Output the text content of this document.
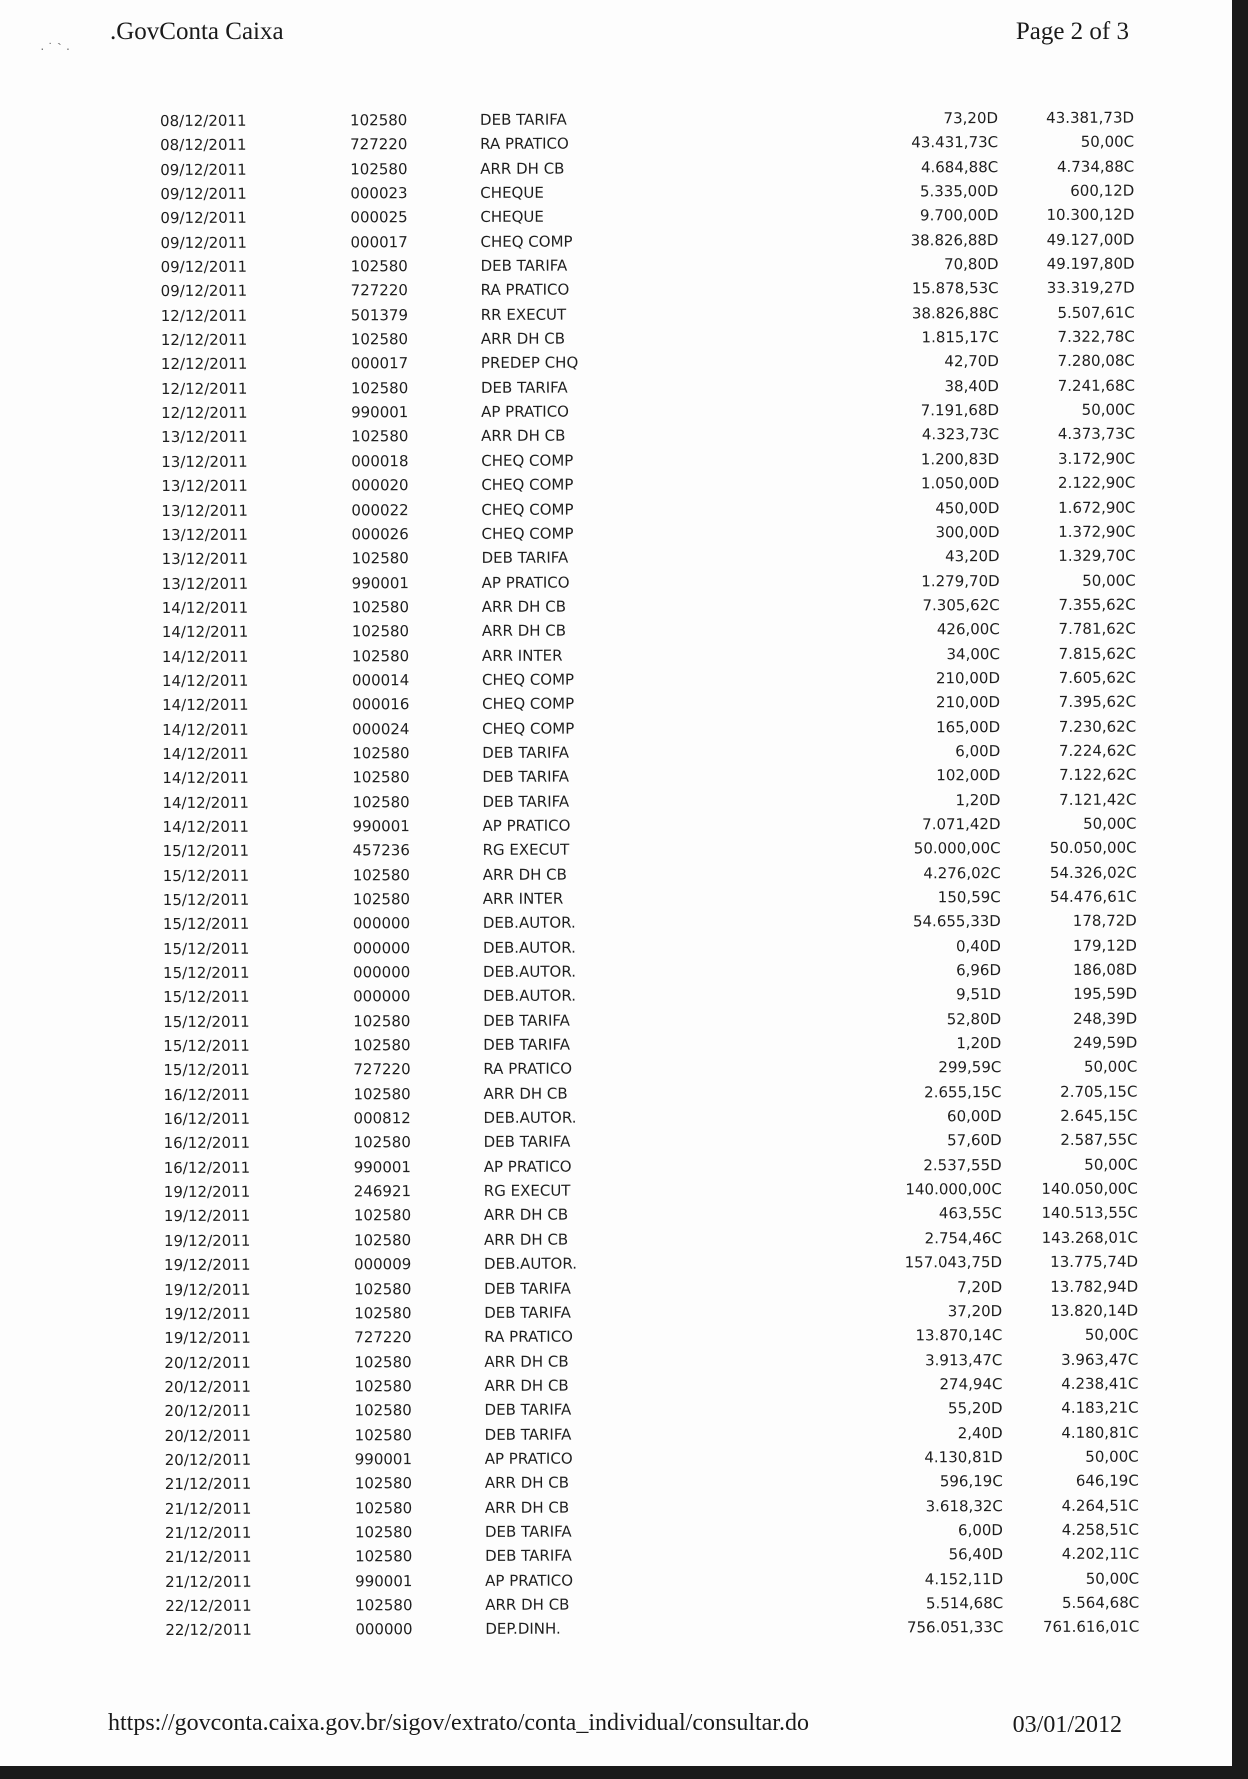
.GovConta Caixa	Page 2 of 3
· ˙ ` ·
08/12/2011	102580	DEB TARIFA	73,20D	43.381,73D
08/12/2011	727220	RA PRATICO	43.431,73C	50,00C
09/12/2011	102580	ARR DH CB	4.684,88C	4.734,88C
09/12/2011	000023	CHEQUE	5.335,00D	600,12D
09/12/2011	000025	CHEQUE	9.700,00D	10.300,12D
09/12/2011	000017	CHEQ COMP	38.826,88D	49.127,00D
09/12/2011	102580	DEB TARIFA	70,80D	49.197,80D
09/12/2011	727220	RA PRATICO	15.878,53C	33.319,27D
12/12/2011	501379	RR EXECUT	38.826,88C	5.507,61C
12/12/2011	102580	ARR DH CB	1.815,17C	7.322,78C
12/12/2011	000017	PREDEP CHQ	42,70D	7.280,08C
12/12/2011	102580	DEB TARIFA	38,40D	7.241,68C
12/12/2011	990001	AP PRATICO	7.191,68D	50,00C
13/12/2011	102580	ARR DH CB	4.323,73C	4.373,73C
13/12/2011	000018	CHEQ COMP	1.200,83D	3.172,90C
13/12/2011	000020	CHEQ COMP	1.050,00D	2.122,90C
13/12/2011	000022	CHEQ COMP	450,00D	1.672,90C
13/12/2011	000026	CHEQ COMP	300,00D	1.372,90C
13/12/2011	102580	DEB TARIFA	43,20D	1.329,70C
13/12/2011	990001	AP PRATICO	1.279,70D	50,00C
14/12/2011	102580	ARR DH CB	7.305,62C	7.355,62C
14/12/2011	102580	ARR DH CB	426,00C	7.781,62C
14/12/2011	102580	ARR INTER	34,00C	7.815,62C
14/12/2011	000014	CHEQ COMP	210,00D	7.605,62C
14/12/2011	000016	CHEQ COMP	210,00D	7.395,62C
14/12/2011	000024	CHEQ COMP	165,00D	7.230,62C
14/12/2011	102580	DEB TARIFA	6,00D	7.224,62C
14/12/2011	102580	DEB TARIFA	102,00D	7.122,62C
14/12/2011	102580	DEB TARIFA	1,20D	7.121,42C
14/12/2011	990001	AP PRATICO	7.071,42D	50,00C
15/12/2011	457236	RG EXECUT	50.000,00C	50.050,00C
15/12/2011	102580	ARR DH CB	4.276,02C	54.326,02C
15/12/2011	102580	ARR INTER	150,59C	54.476,61C
15/12/2011	000000	DEB.AUTOR.	54.655,33D	178,72D
15/12/2011	000000	DEB.AUTOR.	0,40D	179,12D
15/12/2011	000000	DEB.AUTOR.	6,96D	186,08D
15/12/2011	000000	DEB.AUTOR.	9,51D	195,59D
15/12/2011	102580	DEB TARIFA	52,80D	248,39D
15/12/2011	102580	DEB TARIFA	1,20D	249,59D
15/12/2011	727220	RA PRATICO	299,59C	50,00C
16/12/2011	102580	ARR DH CB	2.655,15C	2.705,15C
16/12/2011	000812	DEB.AUTOR.	60,00D	2.645,15C
16/12/2011	102580	DEB TARIFA	57,60D	2.587,55C
16/12/2011	990001	AP PRATICO	2.537,55D	50,00C
19/12/2011	246921	RG EXECUT	140.000,00C	140.050,00C
19/12/2011	102580	ARR DH CB	463,55C	140.513,55C
19/12/2011	102580	ARR DH CB	2.754,46C	143.268,01C
19/12/2011	000009	DEB.AUTOR.	157.043,75D	13.775,74D
19/12/2011	102580	DEB TARIFA	7,20D	13.782,94D
19/12/2011	102580	DEB TARIFA	37,20D	13.820,14D
19/12/2011	727220	RA PRATICO	13.870,14C	50,00C
20/12/2011	102580	ARR DH CB	3.913,47C	3.963,47C
20/12/2011	102580	ARR DH CB	274,94C	4.238,41C
20/12/2011	102580	DEB TARIFA	55,20D	4.183,21C
20/12/2011	102580	DEB TARIFA	2,40D	4.180,81C
20/12/2011	990001	AP PRATICO	4.130,81D	50,00C
21/12/2011	102580	ARR DH CB	596,19C	646,19C
21/12/2011	102580	ARR DH CB	3.618,32C	4.264,51C
21/12/2011	102580	DEB TARIFA	6,00D	4.258,51C
21/12/2011	102580	DEB TARIFA	56,40D	4.202,11C
21/12/2011	990001	AP PRATICO	4.152,11D	50,00C
22/12/2011	102580	ARR DH CB	5.514,68C	5.564,68C
22/12/2011	000000	DEP.DINH.	756.051,33C	761.616,01C
https://govconta.caixa.gov.br/sigov/extrato/conta_individual/consultar.do	03/01/2012
